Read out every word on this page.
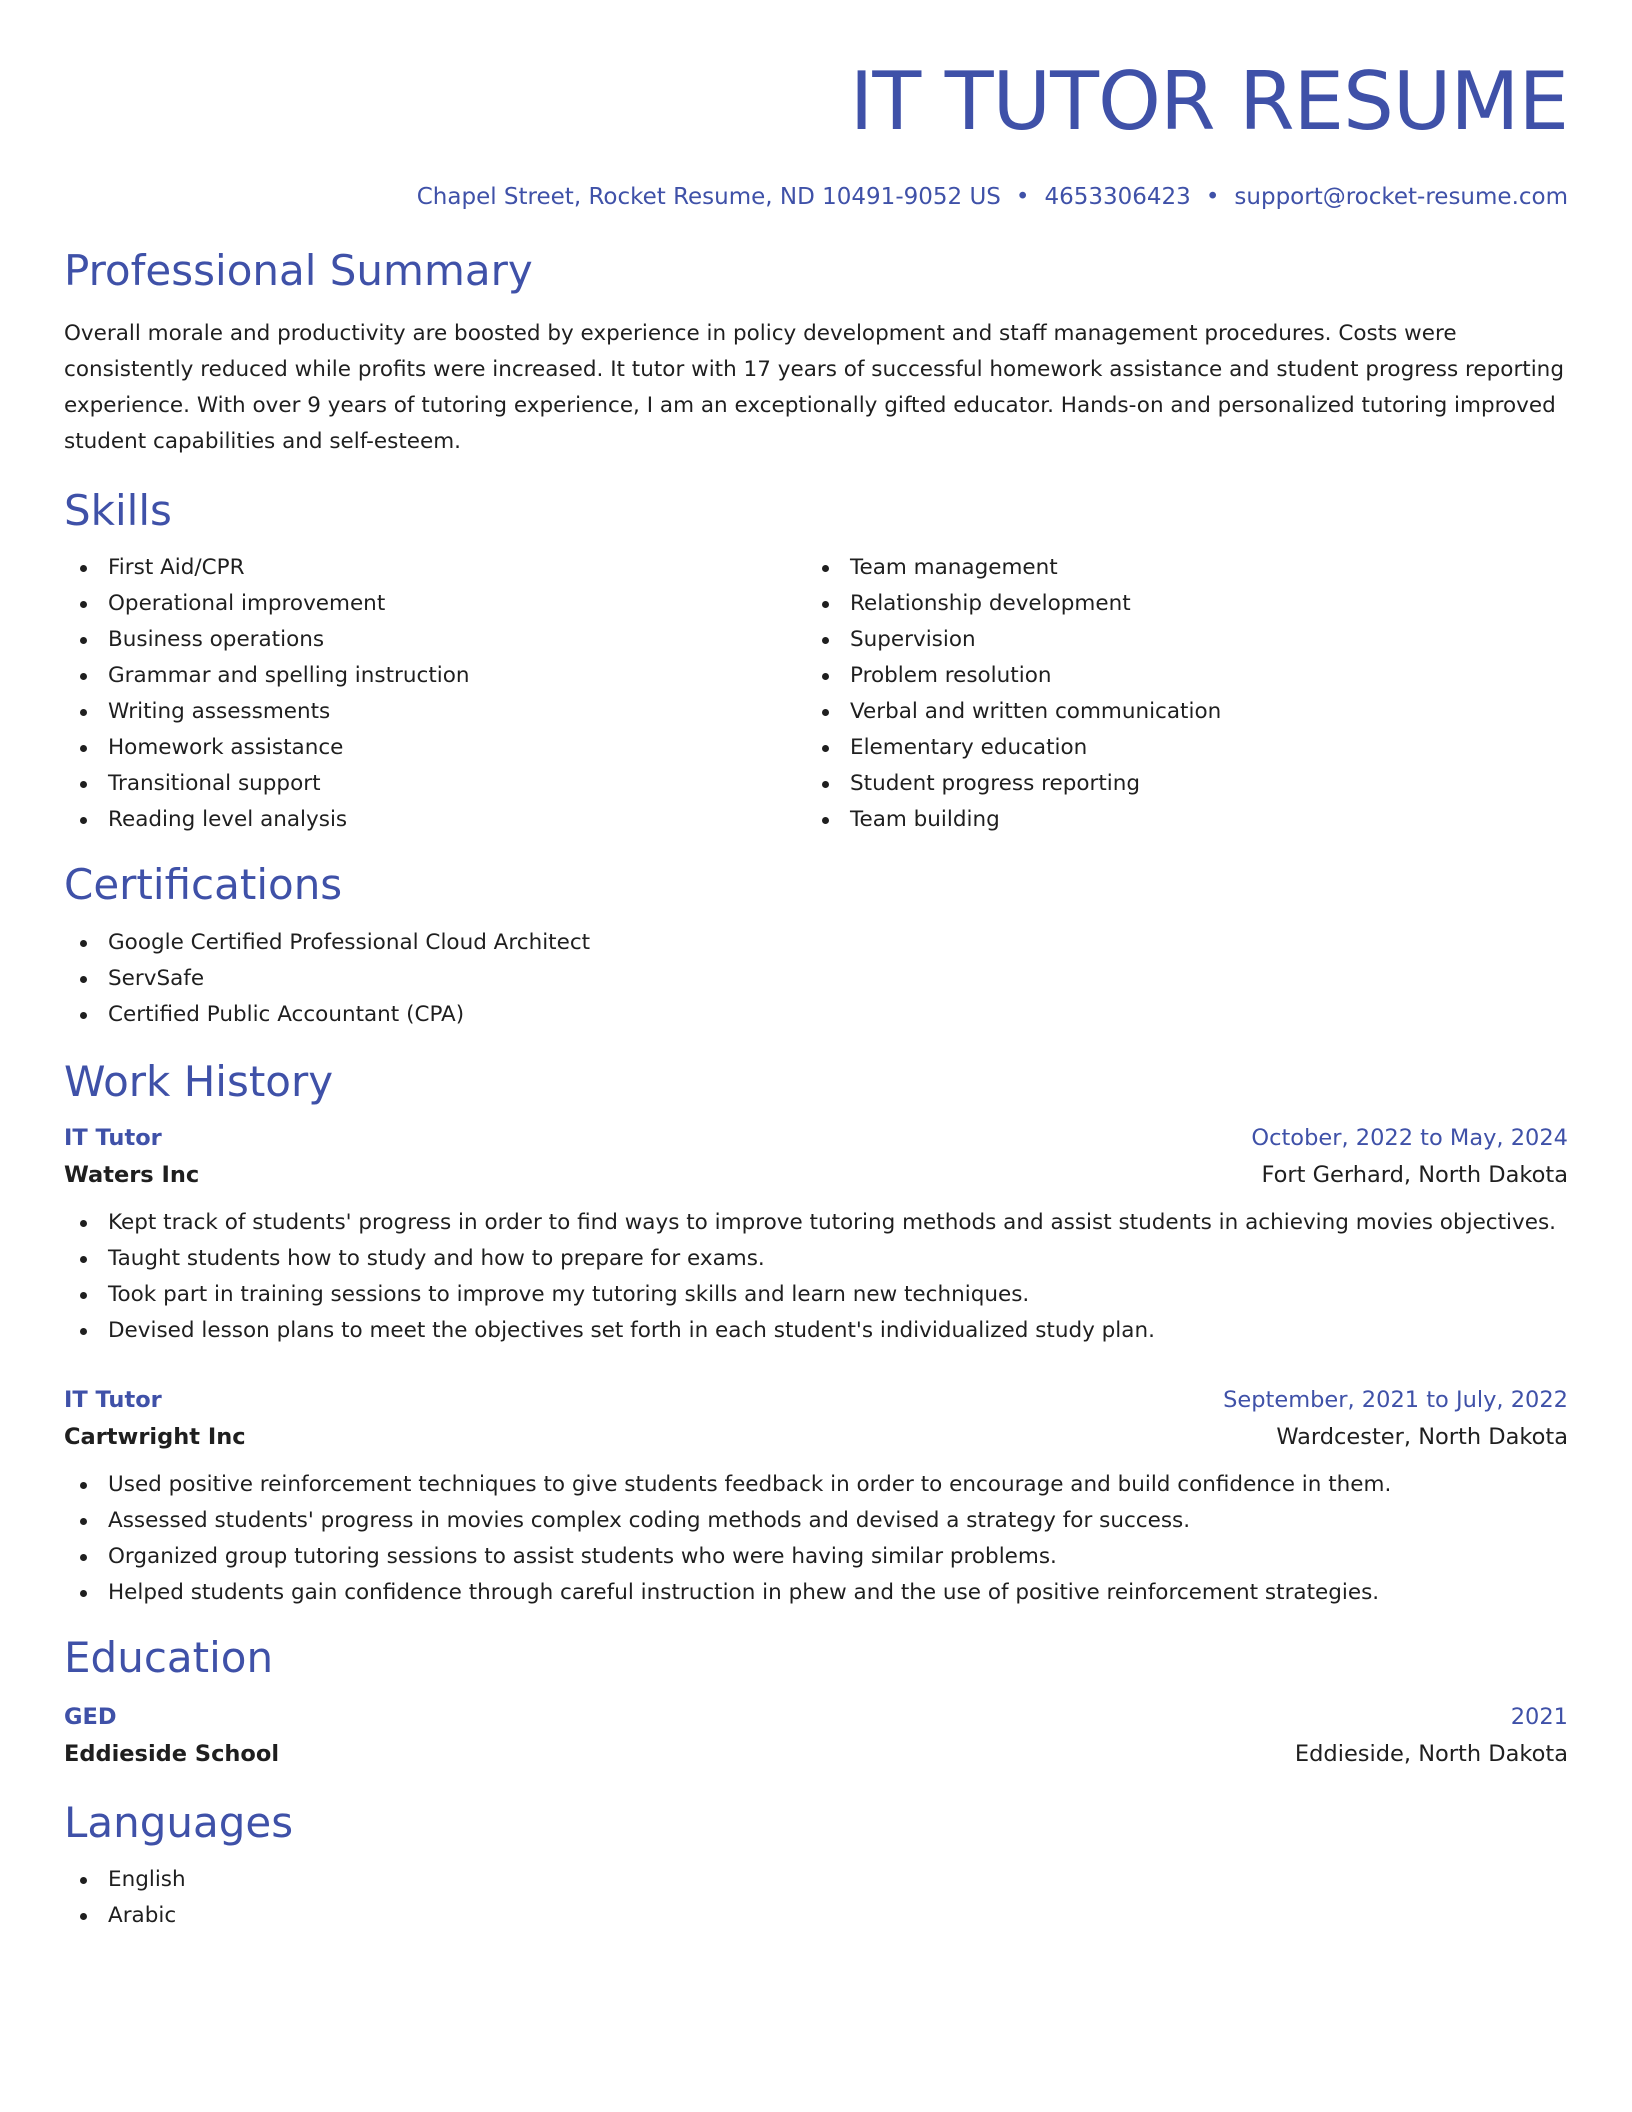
IT TUTOR RESUME
Chapel Street, Rocket Resume, ND 10491-9052 US • 4653306423 • support@rocket-resume.com
Professional Summary

Overall morale and productivity are boosted by experience in policy development and staff management procedures. Costs were consistently reduced while profits were increased. It tutor with 17 years of successful homework assistance and student progress reporting experience. With over 9 years of tutoring experience, I am an exceptionally gifted educator. Hands-on and personalized tutoring improved student capabilities and self-esteem.

Skills
First Aid/CPR
Operational improvement
Business operations
Grammar and spelling instruction
Writing assessments
Homework assistance
Transitional support
Reading level analysis
Team management
Relationship development
Supervision
Problem resolution
Verbal and written communication
Elementary education
Student progress reporting
Team building
Certifications
Google Certified Professional Cloud Architect
ServSafe
Certified Public Accountant (CPA)
Work History
IT Tutor	October, 2022 to May, 2024
Waters Inc	Fort Gerhard, North Dakota
Kept track of students' progress in order to find ways to improve tutoring methods and assist students in achieving movies objectives.
Taught students how to study and how to prepare for exams.
Took part in training sessions to improve my tutoring skills and learn new techniques.
Devised lesson plans to meet the objectives set forth in each student's individualized study plan.
IT Tutor	September, 2021 to July, 2022
Cartwright Inc	Wardcester, North Dakota
Used positive reinforcement techniques to give students feedback in order to encourage and build confidence in them.
Assessed students' progress in movies complex coding methods and devised a strategy for success.
Organized group tutoring sessions to assist students who were having similar problems.
Helped students gain confidence through careful instruction in phew and the use of positive reinforcement strategies.
Education
GED	2021
Eddieside School	Eddieside, North Dakota
Languages
English
Arabic
